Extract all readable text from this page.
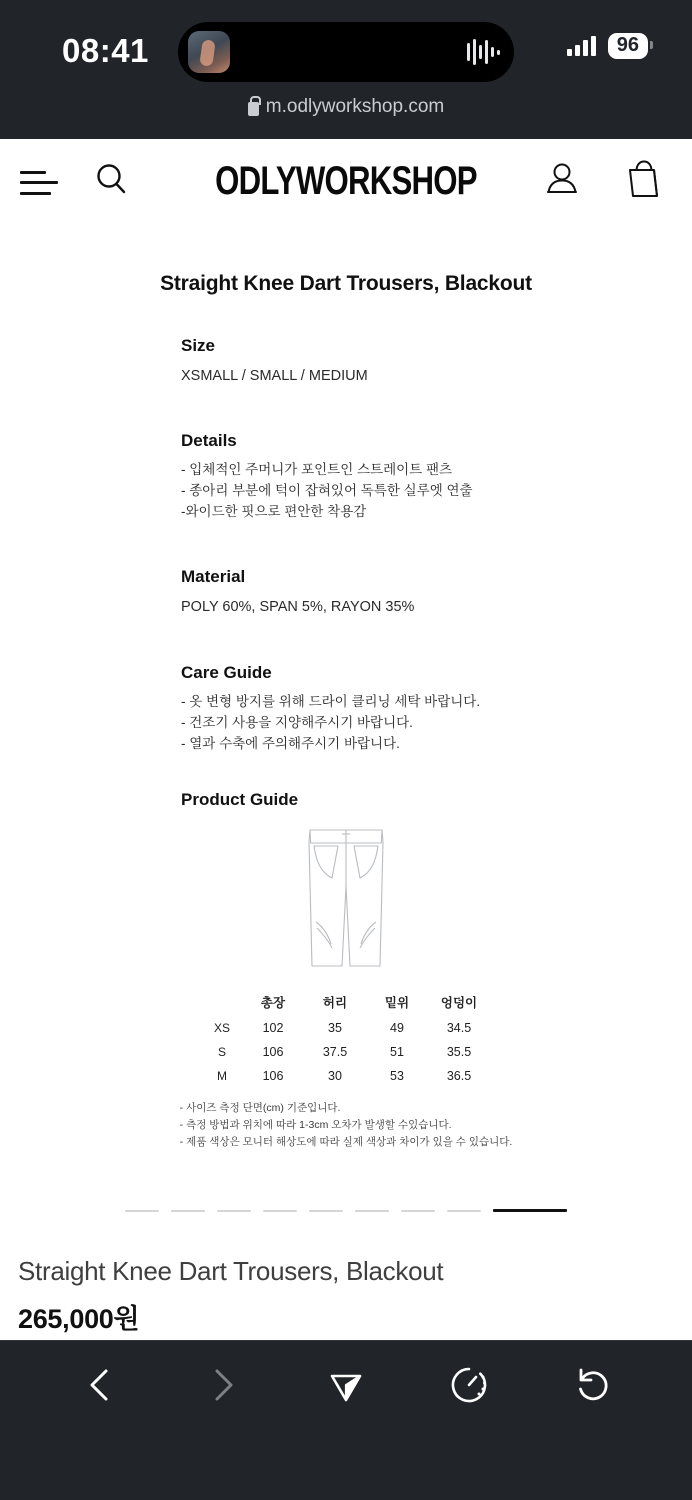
08:41	96
m.odlyworkshop.com
ODLYWORKSHOP
Straight Knee Dart Trousers, Blackout
Size
XSMALL / SMALL / MEDIUM
Details
- 입체적인 주머니가 포인트인 스트레이트 팬츠
- 종아리 부분에 턱이 잡혀있어 독특한 실루엣 연출
-와이드한 핏으로 편안한 착용감
Material
POLY 60%, SPAN 5%, RAYON 35%
Care Guide
- 옷 변형 방지를 위해 드라이 클리닝 세탁 바랍니다.
- 건조기 사용을 지양해주시기 바랍니다.
- 열과 수축에 주의해주시기 바랍니다.
Product Guide
	총장	허리	밑위	엉덩이
XS	102	35	49	34.5
S	106	37.5	51	35.5
M	106	30	53	36.5

- 사이즈 측정 단면(cm) 기준입니다.

- 측정 방법과 위치에 따라 1-3cm 오차가 발생할 수있습니다.

- 제품 색상은 모니터 해상도에 따라 실제 색상과 차이가 있을 수 있습니다.

Straight Knee Dart Trousers, Blackout
265,000원
